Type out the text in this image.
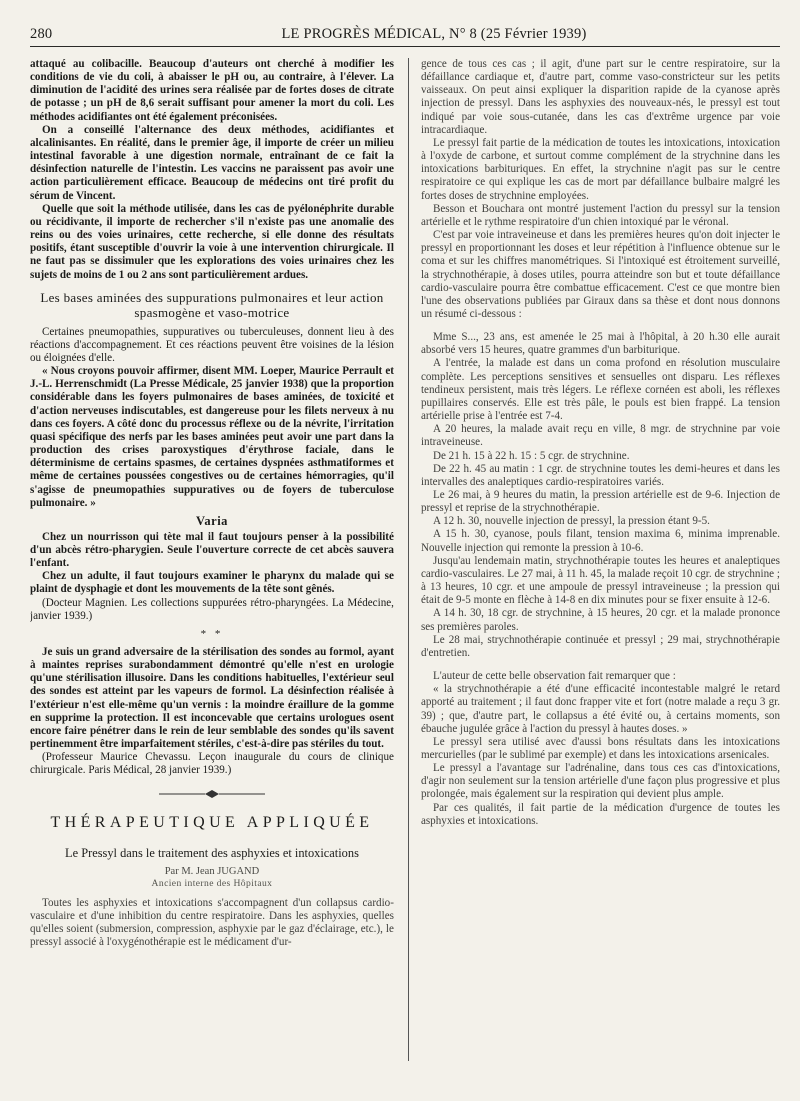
280	LE PROGRÈS MÉDICAL, N° 8 (25 Février 1939)

attaqué au colibacille. Beaucoup d'auteurs ont cherché à modifier les conditions de vie du coli, à abaisser le pH ou, au contraire, à l'élever. La diminution de l'acidité des urines sera réalisée par de fortes doses de citrate de potasse ; un pH de 8,6 serait suffisant pour amener la mort du coli. Les méthodes acidifiantes ont été également préconisées.

On a conseillé l'alternance des deux méthodes, acidifiantes et alcalinisantes. En réalité, dans le premier âge, il importe de créer un milieu intestinal favorable à une digestion normale, entraînant de ce fait la désinfection naturelle de l'intestin. Les vaccins ne paraissent pas avoir une action particulièrement efficace. Beaucoup de médecins ont tiré profit du sérum de Vincent.

Quelle que soit la méthode utilisée, dans les cas de pyélonéphrite durable ou récidivante, il importe de rechercher s'il n'existe pas une anomalie des reins ou des voies urinaires, cette recherche, si elle donne des résultats positifs, étant susceptible d'ouvrir la voie à une intervention chirurgicale. Il ne faut pas se dissimuler que les explorations des voies urinaires chez les sujets de moins de 1 ou 2 ans sont particulièrement ardues.

Les bases aminées des suppurations pulmonaires et leur action spasmogène et vaso-motrice

Certaines pneumopathies, suppuratives ou tuberculeuses, donnent lieu à des réactions d'accompagnement. Et ces réactions peuvent être voisines de la lésion ou éloignées d'elle.

« Nous croyons pouvoir affirmer, disent MM. Loeper, Maurice Perrault et J.-L. Herrenschmidt (La Presse Médicale, 25 janvier 1938) que la proportion considérable dans les foyers pulmonaires de bases aminées, de toxicité et d'action nerveuses indiscutables, est dangereuse pour les filets nerveux à nu dans ces foyers. A côté donc du processus réflexe ou de la névrite, l'irritation quasi spécifique des nerfs par les bases aminées peut avoir une part dans la production des crises paroxystiques d'érythrose faciale, dans le déterminisme de certains spasmes, de certaines dyspnées asthmatiformes et même de certaines poussées congestives ou de certaines hémorragies, qu'il s'agisse de pneumopathies suppuratives ou de foyers de tuberculose pulmonaire. »

Varia

Chez un nourrisson qui tète mal il faut toujours penser à la possibilité d'un abcès rétro-pharygien. Seule l'ouverture correcte de cet abcès sauvera l'enfant.

Chez un adulte, il faut toujours examiner le pharynx du malade qui se plaint de dysphagie et dont les mouvements de la tête sont gênés.

(Docteur Magnien. Les collections suppurées rétro-pharyngées. La Médecine, janvier 1939.)

* *

Je suis un grand adversaire de la stérilisation des sondes au formol, ayant à maintes reprises surabondamment démontré qu'elle n'est en urologie qu'une stérilisation illusoire. Dans les conditions habituelles, l'extérieur seul des sondes est atteint par les vapeurs de formol. La désinfection réalisée à l'extérieur n'est elle-même qu'un vernis : la moindre éraillure de la gomme en supprime la protection. Il est inconcevable que certains urologues osent encore faire pénétrer dans le rein de leur semblable des sondes qu'ils savent pertinemment être imparfaitement stériles, c'est-à-dire pas stériles du tout.

(Professeur Maurice Chevassu. Leçon inaugurale du cours de clinique chirurgicale. Paris Médical, 28 janvier 1939.)

THÉRAPEUTIQUE APPLIQUÉE
Le Pressyl dans le traitement des asphyxies et intoxications
Par M. Jean JUGAND
Ancien interne des Hôpitaux

Toutes les asphyxies et intoxications s'accompagnent d'un collapsus cardio-vasculaire et d'une inhibition du centre respiratoire. Dans les asphyxies, quelles qu'elles soient (submersion, compression, asphyxie par le gaz d'éclairage, etc.), le pressyl associé à l'oxygénothérapie est le médicament d'ur-

gence de tous ces cas ; il agit, d'une part sur le centre respiratoire, sur la défaillance cardiaque et, d'autre part, comme vaso-constricteur sur les petits vaisseaux. On peut ainsi expliquer la disparition rapide de la cyanose après injection de pressyl. Dans les asphyxies des nouveaux-nés, le pressyl est tout indiqué par voie sous-cutanée, dans les cas d'extrême urgence par voie intracardiaque.

Le pressyl fait partie de la médication de toutes les intoxications, intoxication à l'oxyde de carbone, et surtout comme complément de la strychnine dans les intoxications barbituriques. En effet, la strychnine n'agit pas sur le centre respiratoire ce qui explique les cas de mort par défaillance bulbaire malgré les fortes doses de strychnine employées.

Besson et Bouchara ont montré justement l'action du pressyl sur la tension artérielle et le rythme respiratoire d'un chien intoxiqué par le véronal.

C'est par voie intraveineuse et dans les premières heures qu'on doit injecter le pressyl en proportionnant les doses et leur répétition à l'influence obtenue sur le coma et sur les chiffres manométriques. Si l'intoxiqué est étroitement surveillé, la strychnothérapie, à doses utiles, pourra atteindre son but et toute défaillance cardio-vasculaire pourra être combattue efficacement. C'est ce que montre bien l'une des observations publiées par Giraux dans sa thèse et dont nous donnons un résumé ci-dessous :

Mme S..., 23 ans, est amenée le 25 mai à l'hôpital, à 20 h.30 elle aurait absorbé vers 15 heures, quatre grammes d'un barbiturique.

A l'entrée, la malade est dans un coma profond en résolution musculaire complète. Les perceptions sensitives et sensuelles ont disparu. Les réflexes tendineux persistent, mais très légers. Le réflexe cornéen est aboli, les réflexes pupillaires conservés. Elle est très pâle, le pouls est bien frappé. La tension artérielle prise à l'entrée est 7-4.

A 20 heures, la malade avait reçu en ville, 8 mgr. de strychnine par voie intraveineuse.

De 21 h. 15 à 22 h. 15 : 5 cgr. de strychnine.

De 22 h. 45 au matin : 1 cgr. de strychnine toutes les demi-heures et dans les intervalles des analeptiques cardio-respiratoires variés.

Le 26 mai, à 9 heures du matin, la pression artérielle est de 9-6. Injection de pressyl et reprise de la strychnothérapie.

A 12 h. 30, nouvelle injection de pressyl, la pression étant 9-5.

A 15 h. 30, cyanose, pouls filant, tension maxima 6, minima imprenable. Nouvelle injection qui remonte la pression à 10-6.

Jusqu'au lendemain matin, strychnothérapie toutes les heures et analeptiques cardio-vasculaires. Le 27 mai, à 11 h. 45, la malade reçoit 10 cgr. de strychnine ; à 13 heures, 10 cgr. et une ampoule de pressyl intraveineuse ; la pression qui était de 9-5 monte en flèche à 14-8 en dix minutes pour se fixer ensuite à 12-6.

A 14 h. 30, 18 cgr. de strychnine, à 15 heures, 20 cgr. et la malade prononce ses premières paroles.

Le 28 mai, strychnothérapie continuée et pressyl ; 29 mai, strychnothérapie d'entretien.

L'auteur de cette belle observation fait remarquer que :

« la strychnothérapie a été d'une efficacité incontestable malgré le retard apporté au traitement ; il faut donc frapper vite et fort (notre malade a reçu 3 gr. 39) ; que, d'autre part, le collapsus a été évité ou, à certains moments, son ébauche jugulée grâce à l'action du pressyl à hautes doses. »

Le pressyl sera utilisé avec d'aussi bons résultats dans les intoxications mercurielles (par le sublimé par exemple) et dans les intoxications arsenicales.

Le pressyl a l'avantage sur l'adrénaline, dans tous ces cas d'intoxications, d'agir non seulement sur la tension artérielle d'une façon plus progressive et plus prolongée, mais également sur la respiration qui devient plus ample.

Par ces qualités, il fait partie de la médication d'urgence de toutes les asphyxies et intoxications.
